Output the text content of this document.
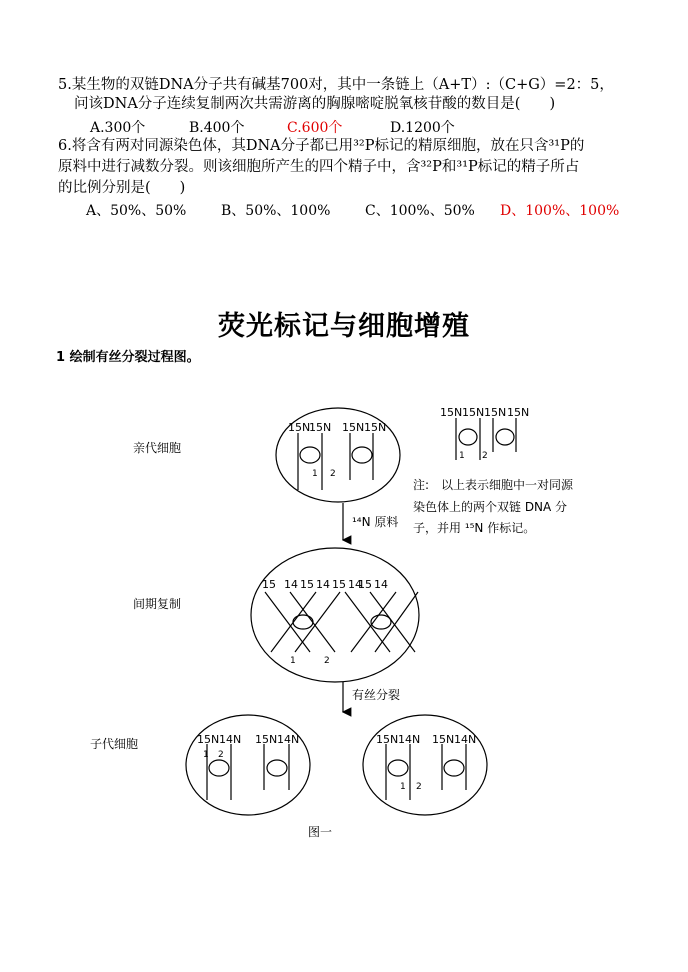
5.某生物的双链DNA分子共有碱基700对，其中一条链上（A+T）:（C+G）=2：5，
问该DNA分子连续复制两次共需游离的胸腺嘧啶脱氧核苷酸的数目是(　　)
A.300个	B.400个	C.600个	D.1200个
6.将含有两对同源染色体，其DNA分子都已用³²P标记的精原细胞，放在只含³¹P的
原料中进行减数分裂。则该细胞所产生的四个精子中，含³²P和³¹P标记的精子所占
的比例分别是(　　)
A、50%、50% B、50%、100% C、100%、50% D、100%、100%
荧光标记与细胞增殖
1 绘制有丝分裂过程图。
亲代细胞
间期复制
子代细胞
15N
15N 15N 15N
1 2
15N 15N 15N 15N
1 2
注:　以上表示细胞中一对同源
染色体上的两个双链 DNA 分
子，并用 ¹⁵N 作标记。
¹⁴N 原料
15 14 15 14 15 14
15 14
1	2
有丝分裂
15N 14N 15N 14N
1 2
15N 14N 15N 14N
1 2
图一
